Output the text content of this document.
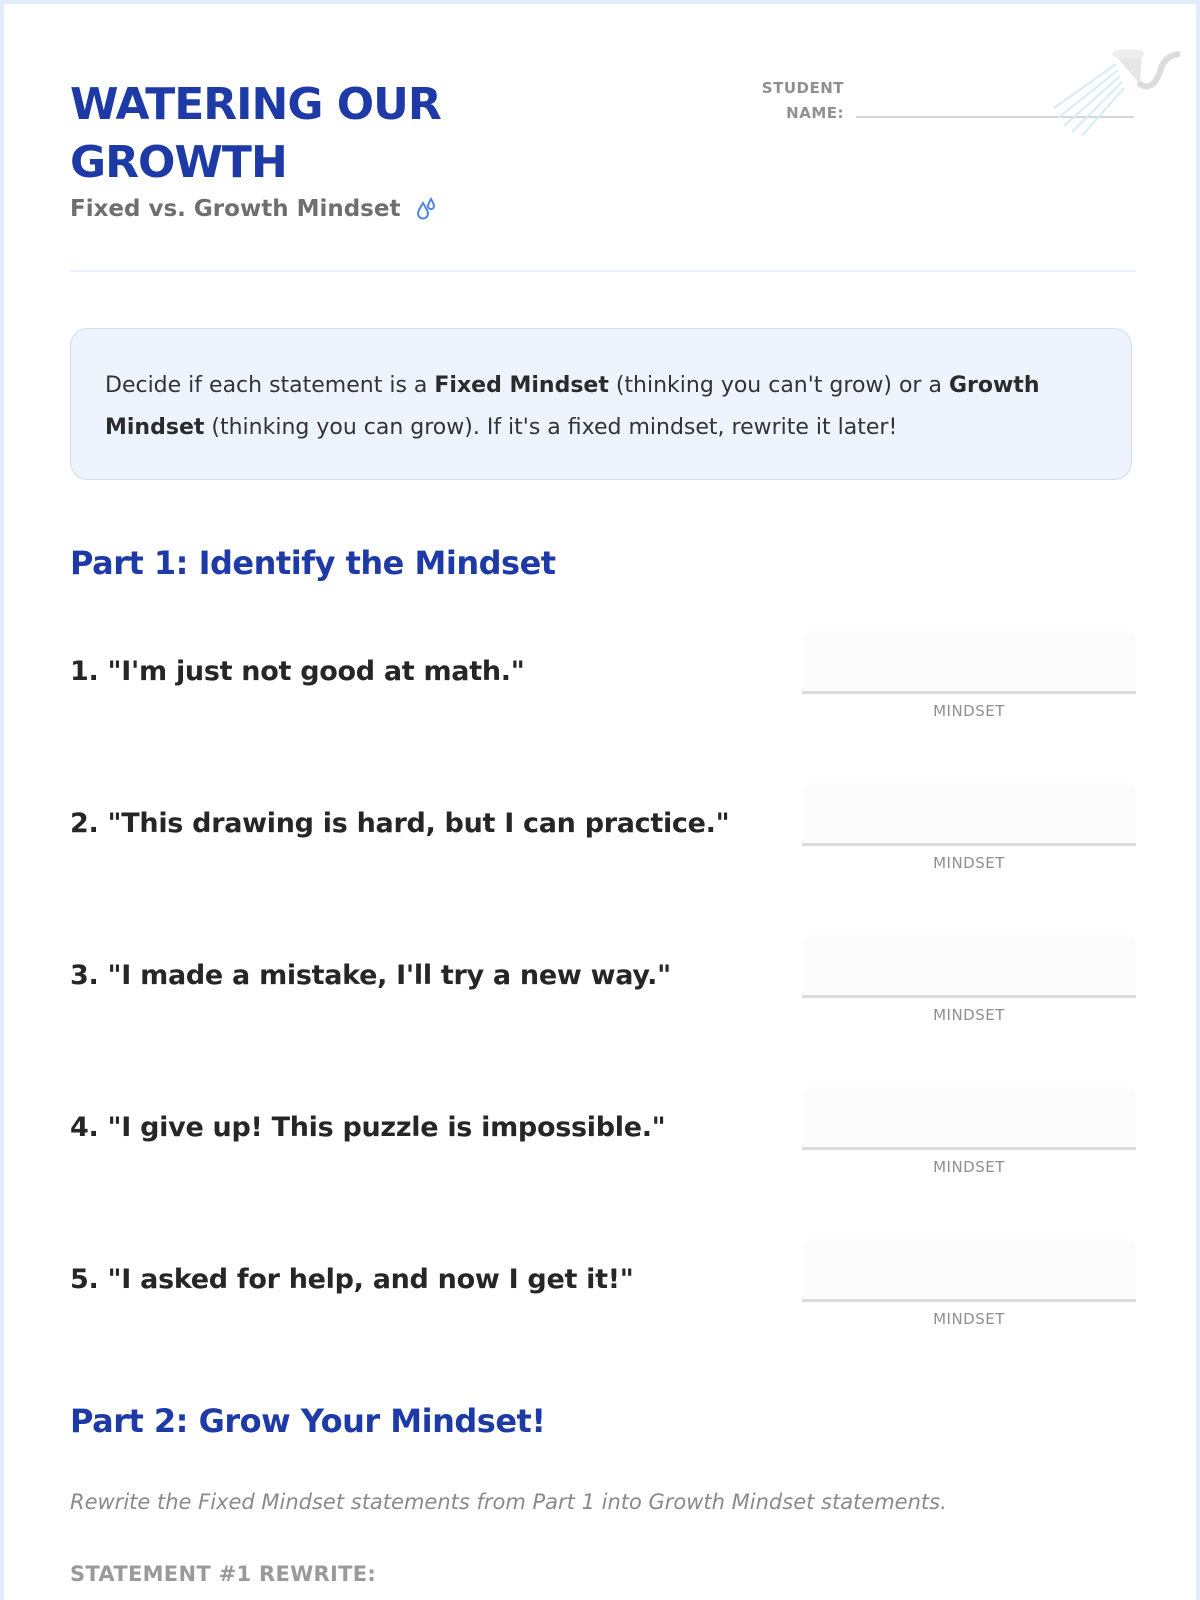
WATERING OUR GROWTH
Fixed vs. Growth Mindset
STUDENT NAME:
Decide if each statement is a Fixed Mindset (thinking you can't grow) or a Growth Mindset (thinking you can grow). If it's a fixed mindset, rewrite it later!
Part 1: Identify the Mindset

1. "I'm just not good at math."

MINDSET

2. "This drawing is hard, but I can practice."

MINDSET

3. "I made a mistake, I'll try a new way."

MINDSET

4. "I give up! This puzzle is impossible."

MINDSET

5. "I asked for help, and now I get it!"

MINDSET
Part 2: Grow Your Mindset!

Rewrite the Fixed Mindset statements from Part 1 into Growth Mindset statements.

STATEMENT #1 REWRITE:
